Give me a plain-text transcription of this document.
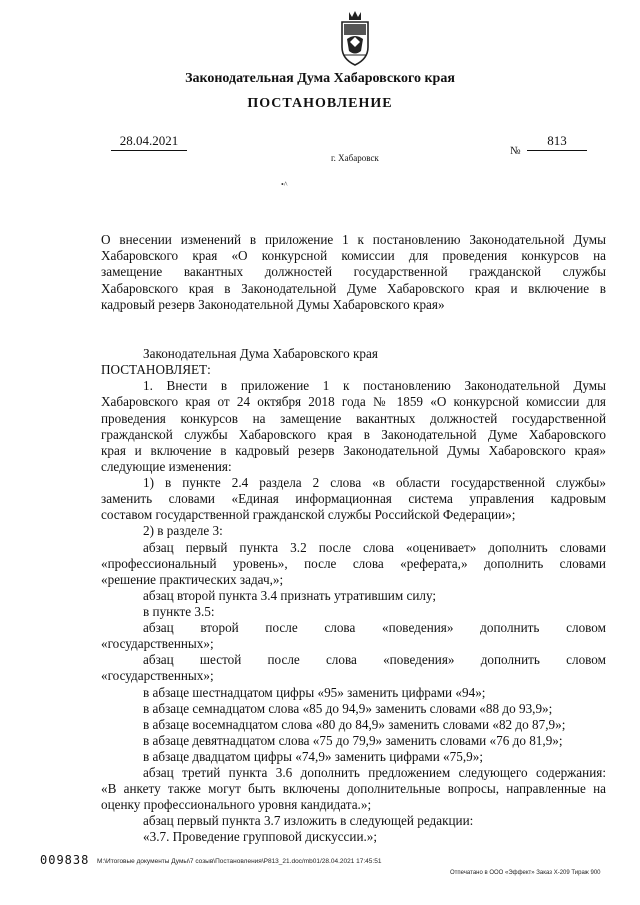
Законодательная Дума Хабаровского края
ПОСТАНОВЛЕНИЕ
28.04.2021
№
813
г. Хабаровск
•^
О внесении изменений в приложение 1 к постановлению Законодательной Думы
Хабаровского края «О конкурсной комиссии для проведения конкурсов на
замещение вакантных должностей государственной гражданской службы
Хабаровского края в Законодательной Думе Хабаровского края и включение в
кадровый резерв Законодательной Думы Хабаровского края»
Законодательная Дума Хабаровского края
ПОСТАНОВЛЯЕТ:
1. Внести в приложение 1 к постановлению Законодательной Думы
Хабаровского края от 24 октября 2018 года № 1859 «О конкурсной комиссии для
проведения конкурсов на замещение вакантных должностей государственной
гражданской службы Хабаровского края в Законодательной Думе Хабаровского
края и включение в кадровый резерв Законодательной Думы Хабаровского края»
следующие изменения:
1) в пункте 2.4 раздела 2 слова «в области государственной службы»
заменить словами «Единая информационная система управления кадровым
составом государственной гражданской службы Российской Федерации»;
2) в разделе 3:
абзац первый пункта 3.2 после слова «оценивает» дополнить словами
«профессиональный уровень», после слова «реферата,» дополнить словами
«решение практических задач,»;
абзац второй пункта 3.4 признать утратившим силу;
в пункте 3.5:
абзац второй после слова «поведения» дополнить словом
«государственных»;
абзац шестой после слова «поведения» дополнить словом
«государственных»;
в абзаце шестнадцатом цифры «95» заменить цифрами «94»;
в абзаце семнадцатом слова «85 до 94,9» заменить словами «88 до 93,9»;
в абзаце восемнадцатом слова «80 до 84,9» заменить словами «82 до 87,9»;
в абзаце девятнадцатом слова «75 до 79,9» заменить словами «76 до 81,9»;
в абзаце двадцатом цифры «74,9» заменить цифрами «75,9»;
абзац третий пункта 3.6 дополнить предложением следующего содержания:
«В анкету также могут быть включены дополнительные вопросы, направленные на
оценку профессионального уровня кандидата.»;
абзац первый пункта 3.7 изложить в следующей редакции:
«3.7. Проведение групповой дискуссии.»;
009838 M:\Итоговые документы Думы\7 созыв\Постановления\P813_21.doc/mb01/28.04.2021 17:45:51
Отпечатано в ООО «Эффект» Заказ X-209 Тираж 900
